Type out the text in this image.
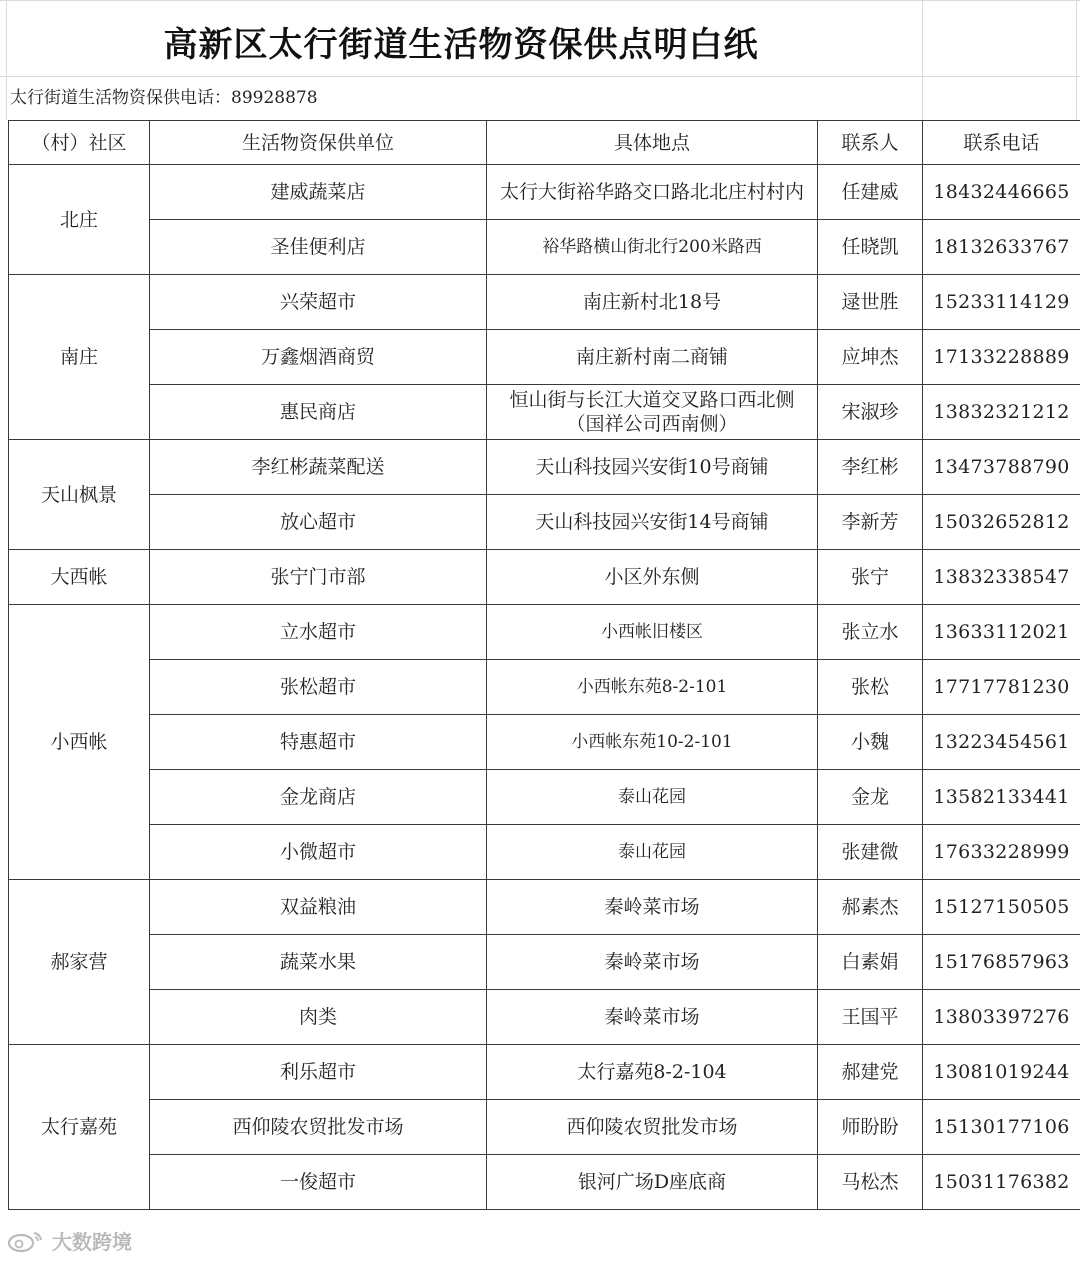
高新区太行街道生活物资保供点明白纸
太行街道生活物资保供电话：89928878
（村）社区	生活物资保供单位	具体地点	联系人	联系电话
北庄	建威蔬菜店	太行大街裕华路交口路北北庄村村内	任建威	18432446665
	圣佳便利店	裕华路横山街北行200米路西	任晓凯	18132633767
南庄	兴荣超市	南庄新村北18号	逯世胜	15233114129
	万鑫烟酒商贸	南庄新村南二商铺	应坤杰	17133228889
	惠民商店	恒山街与长江大道交叉路口西北侧（国祥公司西南侧）	宋淑珍	13832321212
天山枫景	李红彬蔬菜配送	天山科技园兴安街10号商铺	李红彬	13473788790
	放心超市	天山科技园兴安街14号商铺	李新芳	15032652812
大西帐	张宁门市部	小区外东侧	张宁	13832338547
小西帐	立水超市	小西帐旧楼区	张立水	13633112021
	张松超市	小西帐东苑8-2-101	张松	17717781230
	特惠超市	小西帐东苑10-2-101	小魏	13223454561
	金龙商店	泰山花园	金龙	13582133441
	小微超市	泰山花园	张建微	17633228999
郝家营	双益粮油	秦岭菜市场	郝素杰	15127150505
	蔬菜水果	秦岭菜市场	白素娟	15176857963
	肉类	秦岭菜市场	王国平	13803397276
太行嘉苑	利乐超市	太行嘉苑8-2-104	郝建党	13081019244
	西仰陵农贸批发市场	西仰陵农贸批发市场	师盼盼	15130177106
	一俊超市	银河广场D座底商	马松杰	15031176382
大数跨境
